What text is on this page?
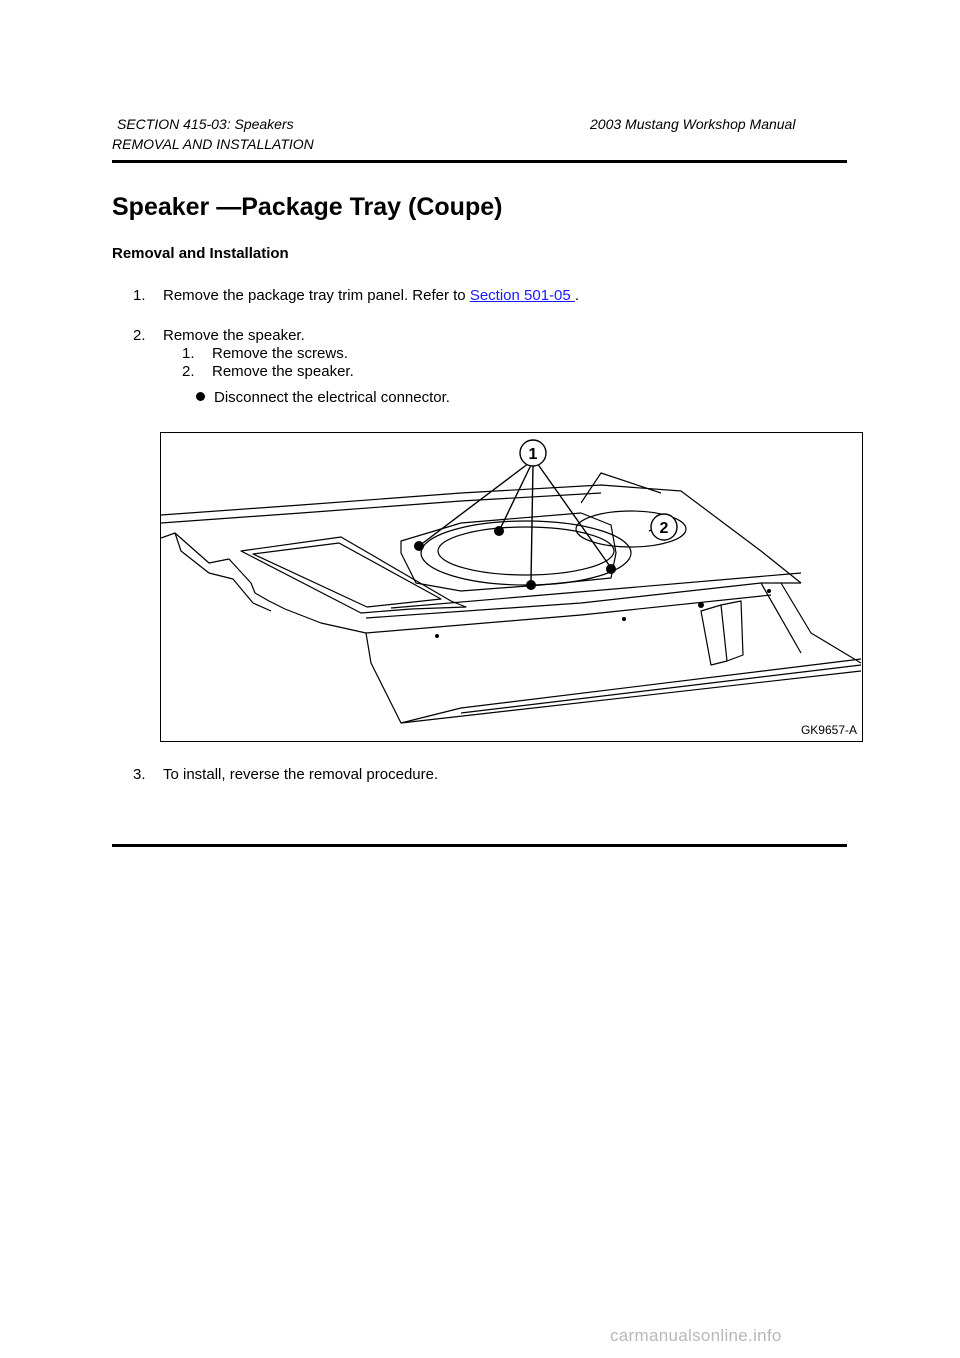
SECTION 415-03: Speakers	2003 Mustang Workshop Manual
REMOVAL AND INSTALLATION
Speaker —Package Tray (Coupe)
Removal and Installation
1. Remove the package tray trim panel. Refer to Section 501-05 .
2. Remove the speaker.
1. Remove the screws.
2. Remove the speaker.
Disconnect the electrical connector.
1
2
GK9657-A
3. To install, reverse the removal procedure.
carmanualsonline.info
